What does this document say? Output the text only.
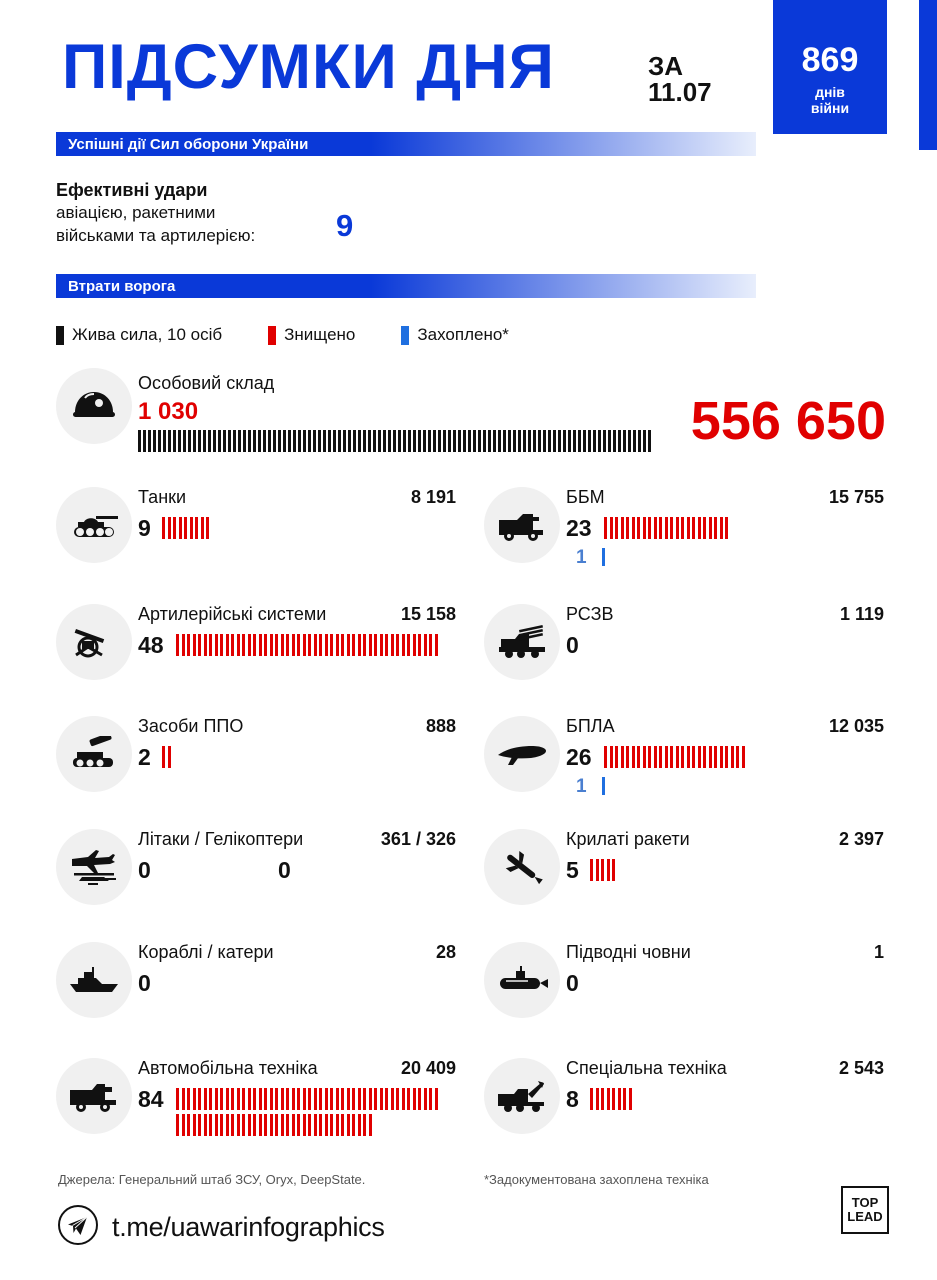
ПІДСУМКИ ДНЯ	ЗА
11.07
869
днів
війни
Успішні дії Сил оборони України
Ефективні удари
авіацією, ракетними
військами та артилерією:	9
Втрати ворога
Жива сила, 10 осіб	Знищено	Захоплено*
Особовий склад
1 030	556 650
Танки	8 191
9
ББМ	15 755
23
1
Артилерійські системи	15 158
48
РСЗВ	1 119
0
Засоби ППО	888
2
БПЛА	12 035
26
1
Літаки / Гелікоптери	361 / 326
0	0
Крилаті ракети	2 397
5
Кораблі / катери	28
0
Підводні човни	1
0
Автомобільна техніка	20 409
84
Спеціальна техніка	2 543
8
Джерела: Генеральний штаб ЗСУ, Oryx, DeepState.	*Задокументована захоплена техніка
t.me/uawarinfographics
TOP
LEAD
